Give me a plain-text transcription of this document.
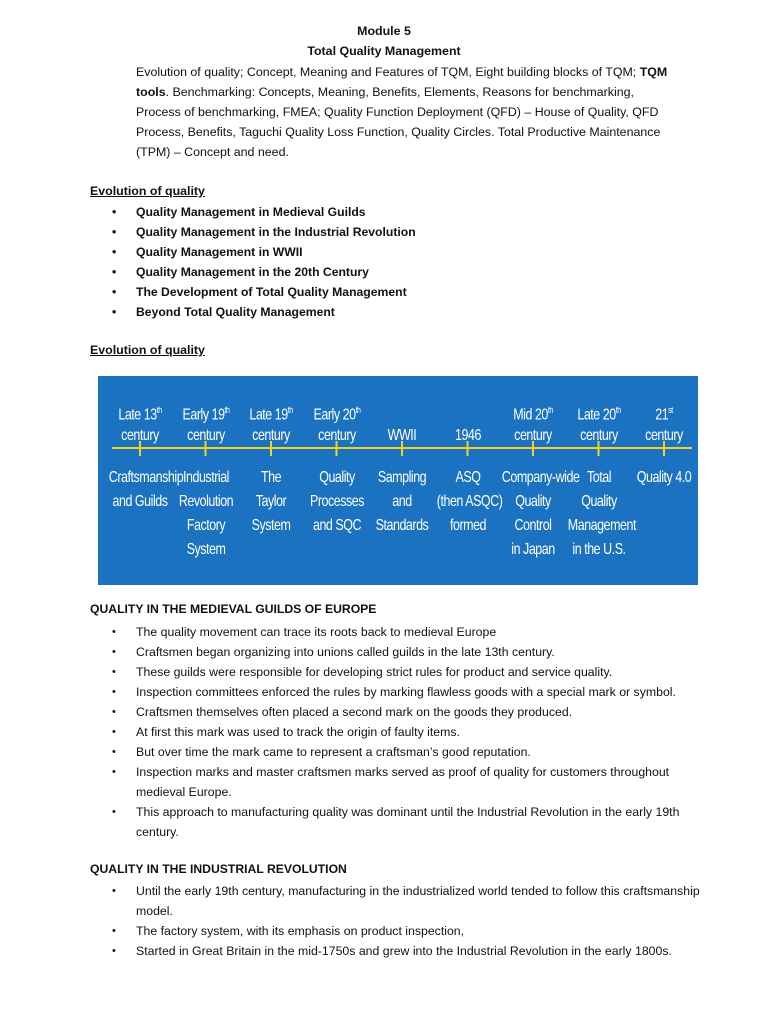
Module 5
Total Quality Management
Evolution of quality; Concept, Meaning and Features of TQM, Eight building blocks of TQM; TQM
tools. Benchmarking: Concepts, Meaning, Benefits, Elements, Reasons for benchmarking,
Process of benchmarking, FMEA; Quality Function Deployment (QFD) – House of Quality, QFD
Process, Benefits, Taguchi Quality Loss Function, Quality Circles. Total Productive Maintenance
(TPM) – Concept and need.
Evolution of quality
• Quality Management in Medieval Guilds
• Quality Management in the Industrial Revolution
• Quality Management in WWII
• Quality Management in the 20th Century
• The Development of Total Quality Management
• Beyond Total Quality Management
Evolution of quality
Late 13th
century
Craftsmanship
and Guilds
Early 19th
century
Industrial
Revolution
Factory
System
Late 19th
century
The
Taylor
System
Early 20th
century
Quality
Processes
and SQC
WWII
Sampling
and
Standards
1946
ASQ
(then ASQC)
formed
Mid 20th
century
Company-wide
Quality
Control
in Japan
Late 20th
century
Total
Quality
Management
in the U.S.
21st
century
Quality 4.0
QUALITY IN THE MEDIEVAL GUILDS OF EUROPE
• The quality movement can trace its roots back to medieval Europe
• Craftsmen began organizing into unions called guilds in the late 13th century.
• These guilds were responsible for developing strict rules for product and service quality.
• Inspection committees enforced the rules by marking flawless goods with a special mark or symbol.
• Craftsmen themselves often placed a second mark on the goods they produced.
• At first this mark was used to track the origin of faulty items.
• But over time the mark came to represent a craftsman’s good reputation.
• Inspection marks and master craftsmen marks served as proof of quality for customers throughout medieval Europe.
• This approach to manufacturing quality was dominant until the Industrial Revolution in the early 19th century.
QUALITY IN THE INDUSTRIAL REVOLUTION
• Until the early 19th century, manufacturing in the industrialized world tended to follow this craftsmanship model.
• The factory system, with its emphasis on product inspection,
• Started in Great Britain in the mid-1750s and grew into the Industrial Revolution in the early 1800s.
